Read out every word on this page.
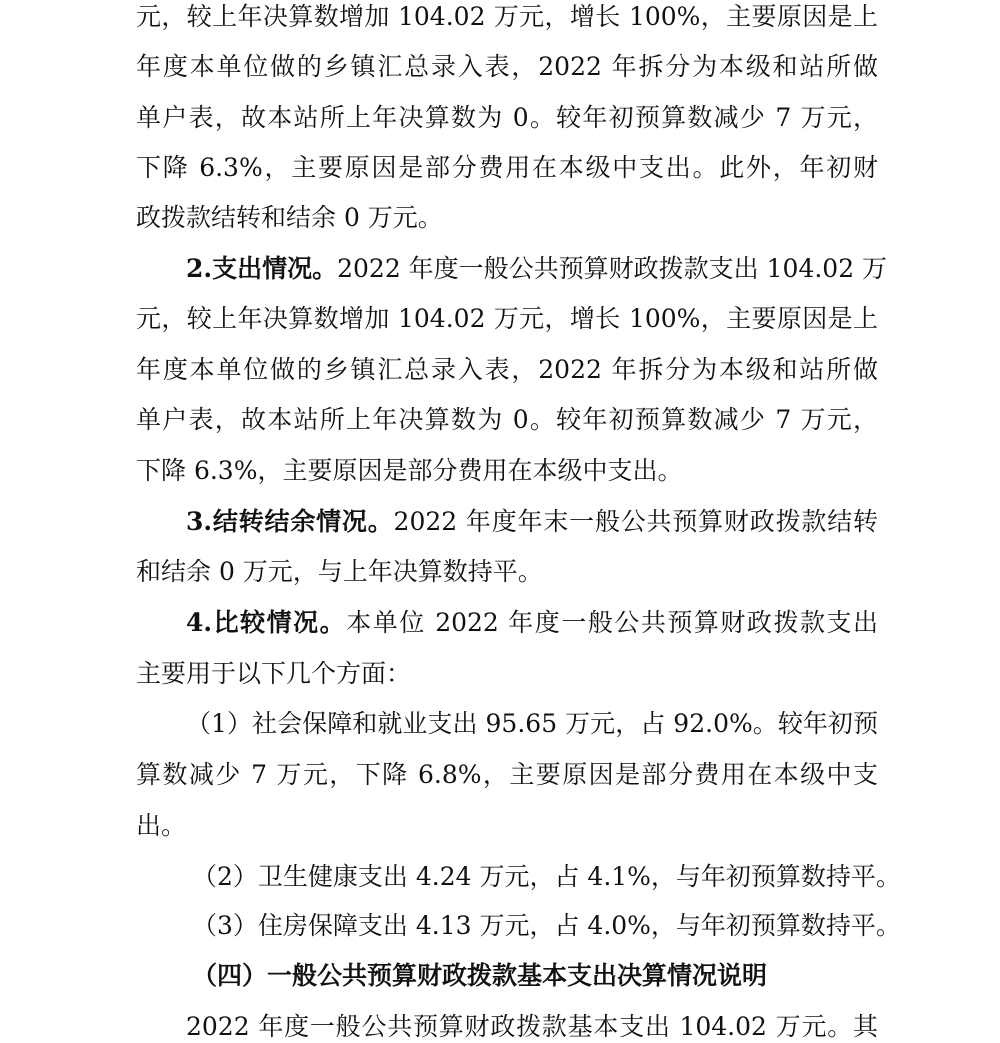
元，较上年决算数增加 104.02 万元，增长 100%，主要原因是上
年度本单位做的乡镇汇总录入表，2022 年拆分为本级和站所做
单户表，故本站所上年决算数为 0。较年初预算数减少 7 万元，
下降 6.3%，主要原因是部分费用在本级中支出。此外，年初财
政拨款结转和结余 0 万元。
2.支出情况。2022 年度一般公共预算财政拨款支出 104.02 万
元，较上年决算数增加 104.02 万元，增长 100%，主要原因是上
年度本单位做的乡镇汇总录入表，2022 年拆分为本级和站所做
单户表，故本站所上年决算数为 0。较年初预算数减少 7 万元，
下降 6.3%，主要原因是部分费用在本级中支出。
3.结转结余情况。2022 年度年末一般公共预算财政拨款结转
和结余 0 万元，与上年决算数持平。
4.比较情况。本单位 2022 年度一般公共预算财政拨款支出
主要用于以下几个方面：
（1）社会保障和就业支出 95.65 万元，占 92.0%。较年初预
算数减少 7 万元，下降 6.8%，主要原因是部分费用在本级中支
出。
（2）卫生健康支出 4.24 万元，占 4.1%，与年初预算数持平。
（3）住房保障支出 4.13 万元，占 4.0%，与年初预算数持平。
（四）一般公共预算财政拨款基本支出决算情况说明
2022 年度一般公共预算财政拨款基本支出 104.02 万元。其
